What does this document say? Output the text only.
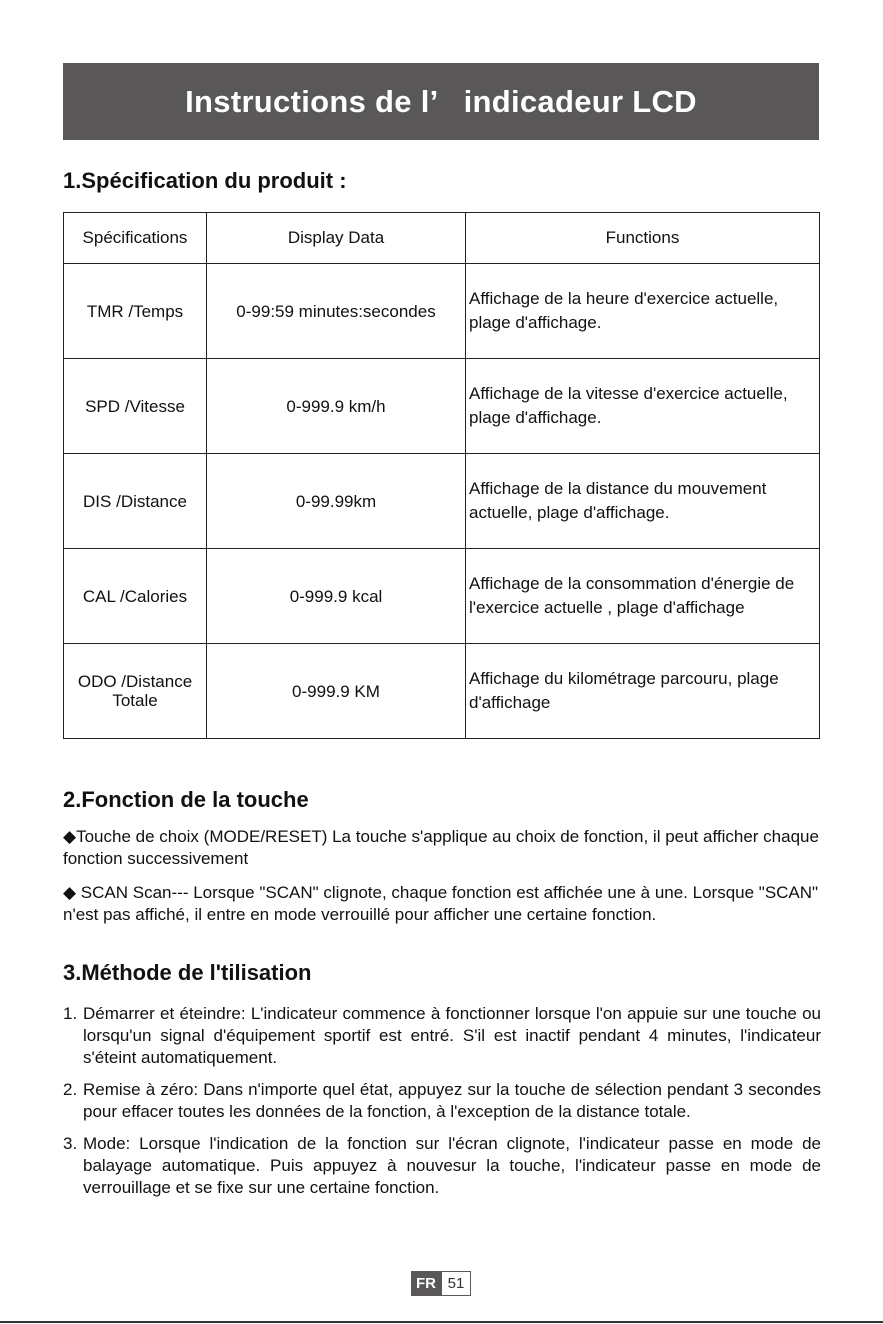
Instructions de l’   indicadeur LCD
1.Spécification du produit :
Spécifications	Display Data	Functions
TMR /Temps	0-99:59 minutes:secondes	Affichage de la heure d'exercice actuelle, plage d'affichage.
SPD /Vitesse	0-999.9 km/h	Affichage de la vitesse d'exercice actuelle, plage d'affichage.
DIS /Distance	0-99.99km	Affichage de la distance du mouvement actuelle, plage d'affichage.
CAL /Calories	0-999.9 kcal	Affichage de la consommation d'énergie de l'exercice actuelle , plage d'affichage
ODO /Distance Totale	0-999.9 KM	Affichage du kilométrage parcouru, plage d'affichage
2.Fonction de la touche
◆Touche de choix (MODE/RESET) La touche s'applique au choix de fonction, il peut afficher chaque fonction successivement
◆ SCAN Scan--- Lorsque "SCAN" clignote, chaque fonction est affichée une à une. Lorsque "SCAN" n'est pas affiché, il entre en mode verrouillé pour afficher une certaine fonction.
3.Méthode de l'tilisation
1. Démarrer et éteindre: L'indicateur commence à fonctionner lorsque l'on appuie sur une touche ou lorsqu'un signal d'équipement sportif est entré. S'il est inactif pendant 4 minutes, l'indicateur s'éteint automatiquement.
2. Remise à zéro: Dans n'importe quel état, appuyez sur la touche de sélection pendant 3 secondes pour effacer toutes les données de la fonction, à l'exception de la distance totale.
3. Mode: Lorsque l'indication de la fonction sur l'écran clignote, l'indicateur passe en mode de balayage automatique. Puis appuyez à nouvesur la touche, l'indicateur passe en mode de verrouillage et se fixe sur une certaine fonction.
FR 51
